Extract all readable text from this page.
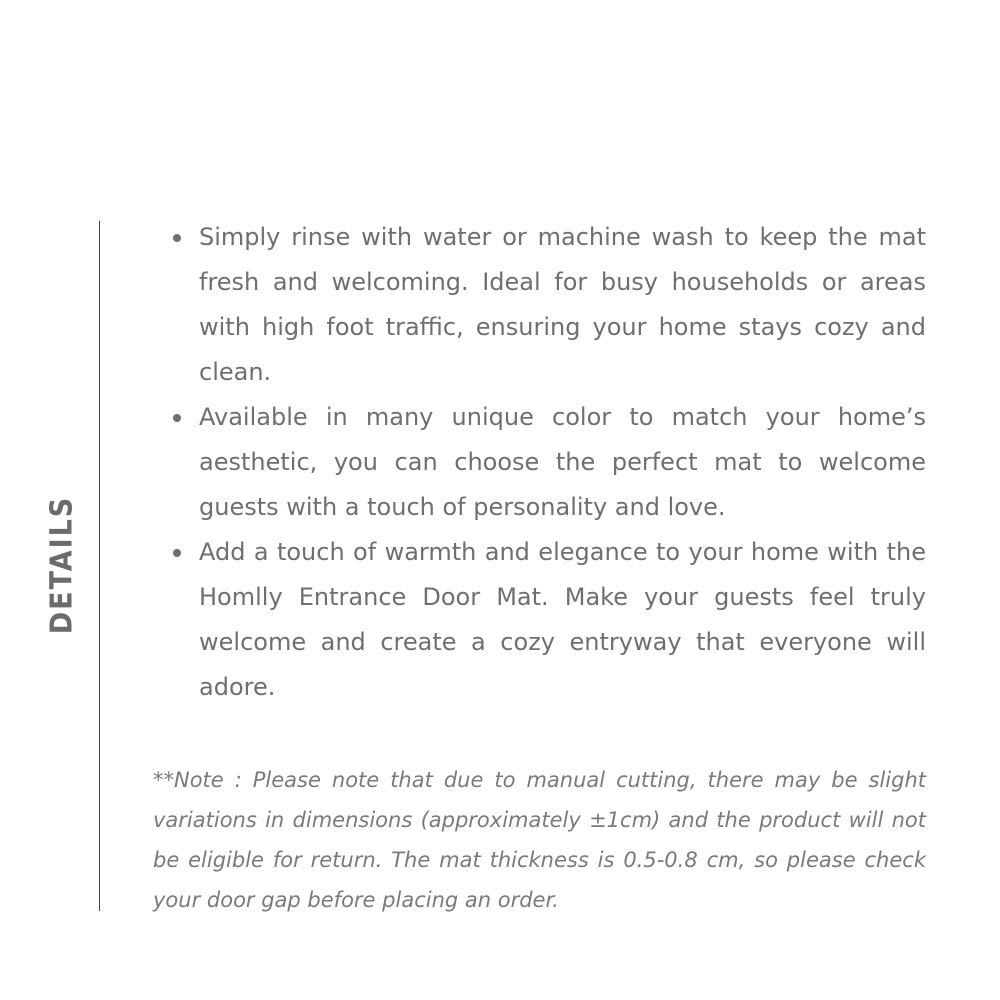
DETAILS
Simply rinse with water or machine wash to keep the mat fresh and welcoming. Ideal for busy households or areas with high foot traffic, ensuring your home stays cozy and clean.
Available in many unique color to match your home’s aesthetic, you can choose the perfect mat to welcome guests with a touch of personality and love.
Add a touch of warmth and elegance to your home with the Homlly Entrance Door Mat. Make your guests feel truly welcome and create a cozy entryway that everyone will adore.

**Note : Please note that due to manual cutting, there may be slight variations in dimensions (approximately ±1cm) and the product will not be eligible for return. The mat thickness is 0.5-0.8 cm, so please check your door gap before placing an order.
